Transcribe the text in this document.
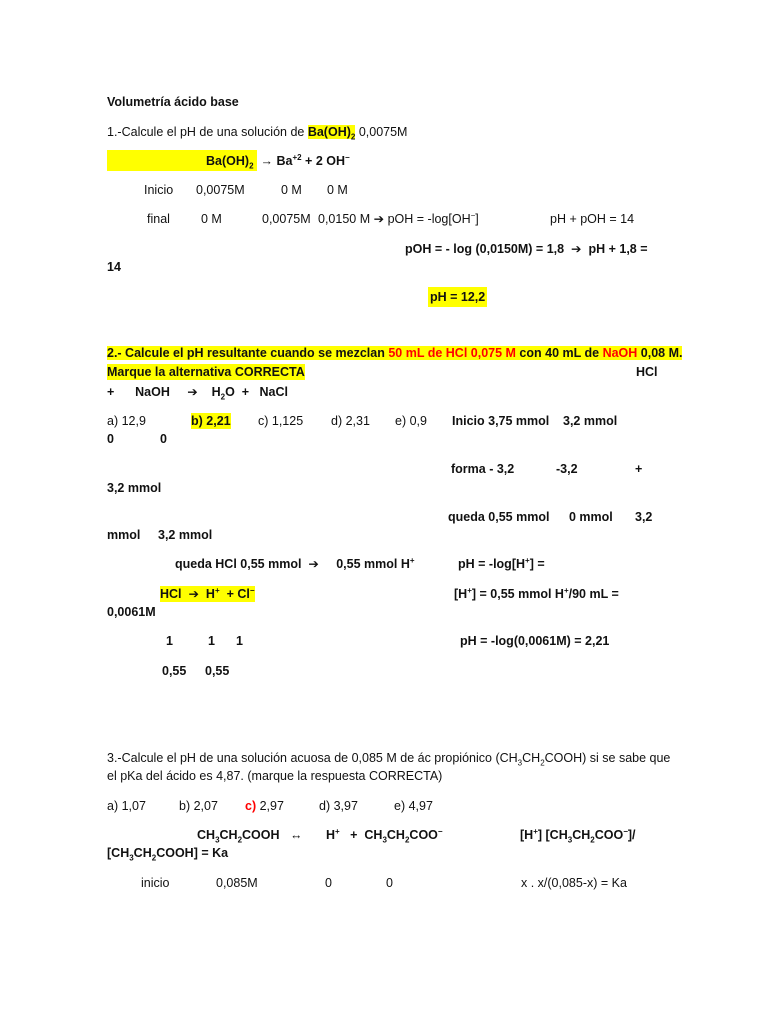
Volumetría ácido base
1.-Calcule el pH de una solución de $Ba(OH)_2$ 0,0075M
$Ba(OH)_2 \to Ba^{+2} + 2$ OH−
Inicio 0,0075M	0 M 0 M
final 0 M	0,0075M 0,0150 M ➔ pOH = -log[OH−]	pH + pOH = 14
pOH = - log (0,0150M) = 1,8  ➔  pH + 1,8 =
14
pH = 12,2
2.- Calcule el pH resultante cuando se mezclan 50 mL de HCl 0,075 M con 40 mL de NaOH 0,08 M.
Marque la alternativa CORRECTA	HCl
+ NaOH     ➔    $H_2O$  +   NaCl
a) 12,9	b) 2,21 c) 1,125 d) 2,31 e) 0,9 Inicio 3,75 mmol 3,2 mmol
0	0
forma - 3,2	-3,2	+
3,2 mmol
queda 0,55 mmol 0 mmol 3,2
mmol 3,2 mmol
queda HCl 0,55 mmol  ➔     0,55 mmol H+	pH = -log[H+] =
HCl  ➔  H+ + Cl−	[H+] = 0,55 mmol H+/90 mL =
0,0061M
1	1 1	pH = -log(0,0061M) = 2,21
0,55 0,55
3.-Calcule el pH de una solución acuosa de 0,085 M de ác propiónico $(CH_3CH_2COOH)$ si se sabe que
el pKa del ácido es 4,87. (marque la respuesta CORRECTA)
a) 1,07	b) 2,07 c) 2,97	d) 3,97	e) 4,97
$CH_3CH_2COOH$ ↔ $H^+ + CH_3CH_2COO^-$	[H+] $[CH_3CH_2COO^-]/$
$[CH_3CH_2COOH] = Ka$
inicio	0,085M	0	0	x . x/(0,085-x) = Ka
